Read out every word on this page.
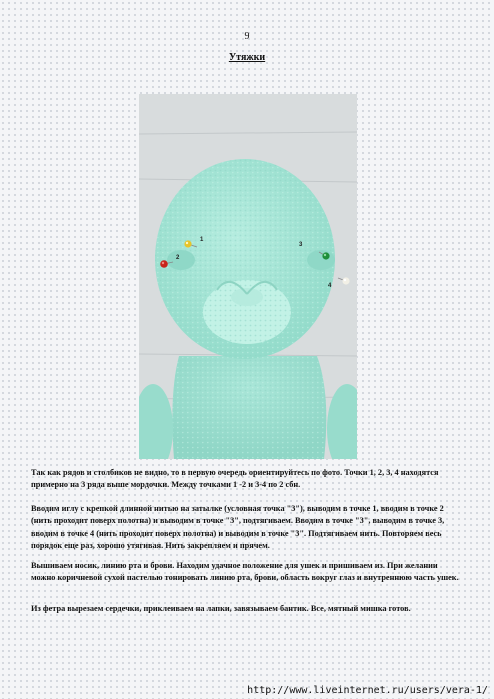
9
Утяжки
1
2
3
4

Так как рядов и столбиков не видно, то в первую очередь ориентируйтесь по фото. Точки 1, 2, 3, 4 находятся примерно на 3 ряда выше мордочки. Между точками 1 -2 и 3-4 по 2 сбн.

Вводим иглу с крепкой длинной нитью на затылке (условная точка "3"), выводим в точке 1, вводим в точке 2 (нить проходит поверх полотна) и выводим в точке "3", подтягиваем. Вводим в точке "3", выводим в точке 3, вводим в точке 4 (нить проходит поверх полотна) и выводим в точке "3". Подтягиваем нить. Повторяем весь порядок еще раз, хорошо утягивая. Нить закрепляем и прячем.

Вышиваем носик, линию рта и брови. Находим удачное положение для ушек и пришиваем из. При желании можно коричневой сухой пастелью тонировать линию рта, брови, область вокруг глаз и внутреннюю часть ушек.

Из фетра вырезаем сердечки, приклеиваем на лапки, завязываем бантик. Все, мятный мишка готов.

http://www.liveinternet.ru/users/vera-1/
